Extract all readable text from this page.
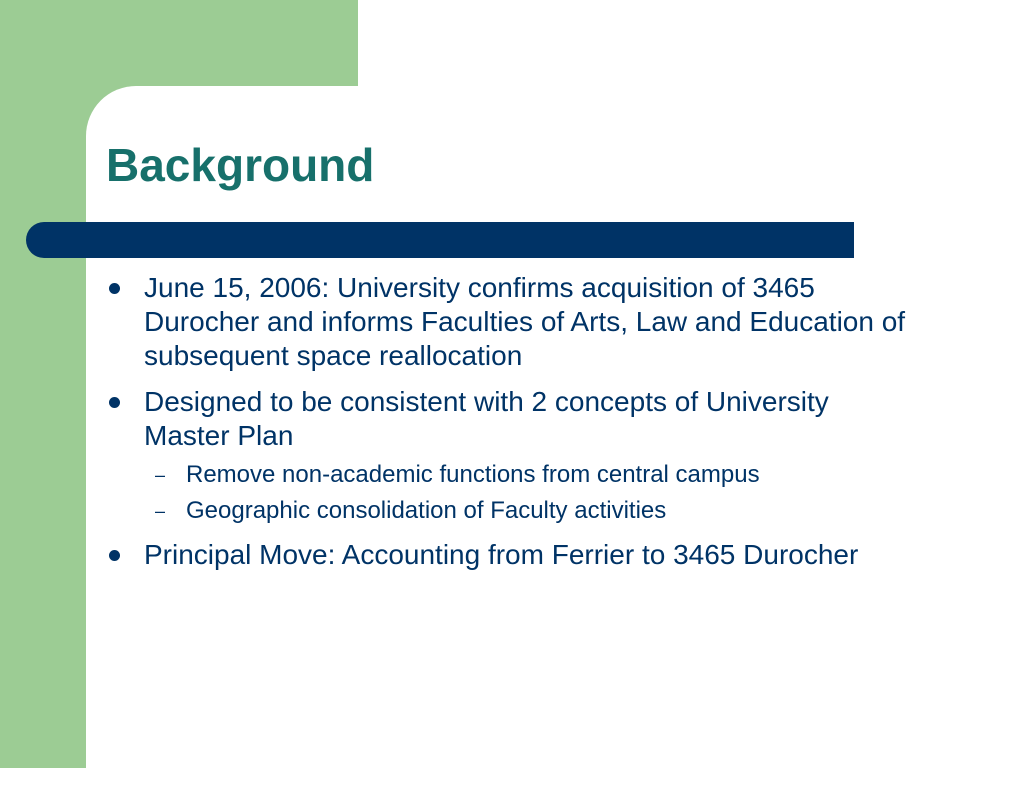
Background
June 15, 2006: University confirms acquisition of 3465 Durocher and informs Faculties of Arts, Law and Education of subsequent space reallocation
Designed to be consistent with 2 concepts of University Master Plan
– Remove non-academic functions from central campus
– Geographic consolidation of Faculty activities
Principal Move: Accounting from Ferrier to 3465 Durocher
